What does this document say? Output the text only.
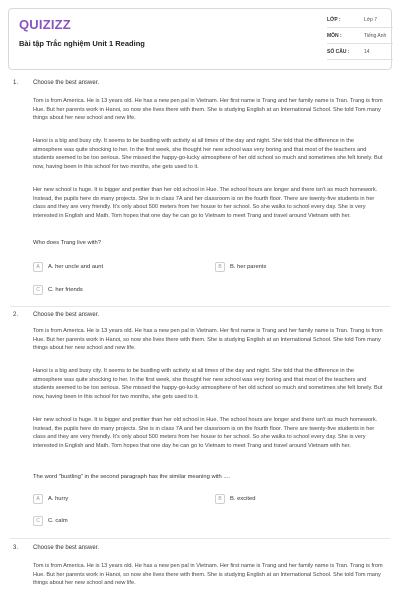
QUIZIZZ
Bài tập Trắc nghiệm Unit 1 Reading
LỚP :	Lớp 7
MÔN :	Tiếng Anh
SỐ CÂU :	14
1. Choose the best answer.
Tom is from America. He is 13 years old. He has a new pen pal in Vietnam. Her first name is Trang and her family name is Tran. Trang is from Hue. But her parents work in Hanoi, so now she lives there with them. She is studying English at an International School. She told Tom many things about her new school and new life.
Hanoi is a big and busy city. It seems to be bustling with activity at all times of the day and night. She told that the difference in the atmosphere was quite shocking to her. In the first week, she thought her new school was very boring and that most of the teachers and students seemed to be too serious. She missed the happy-go-lucky atmosphere of her old school so much and sometimes she felt lonely. But now, having been in this school for two months, she gets used to it.
Her new school is huge. It is bigger and prettier than her old school in Hue. The school hours are longer and there isn't as much homework. Instead, the pupils here do many projects. She is in class 7A and her classroom is on the fourth floor. There are twenty-five students in her class and they are very friendly. It's only about 500 meters from her house to her school. So she walks to school every day. She is very interested in English and Math. Tom hopes that one day he can go to Vietnam to meet Trang and travel around Vietnam with her.
Who does Trang live with?
A	A. her uncle and aunt	B	B. her parents
C	C. her friends
2. Choose the best answer.
Tom is from America. He is 13 years old. He has a new pen pal in Vietnam. Her first name is Trang and her family name is Tran. Trang is from Hue. But her parents work in Hanoi, so now she lives there with them. She is studying English at an International School. She told Tom many things about her new school and new life.
Hanoi is a big and busy city. It seems to be bustling with activity at all times of the day and night. She told that the difference in the atmosphere was quite shocking to her. In the first week, she thought her new school was very boring and that most of the teachers and students seemed to be too serious. She missed the happy-go-lucky atmosphere of her old school so much and sometimes she felt lonely. But now, having been in this school for two months, she gets used to it.
Her new school is huge. It is bigger and prettier than her old school in Hue. The school hours are longer and there isn't as much homework. Instead, the pupils here do many projects. She is in class 7A and her classroom is on the fourth floor. There are twenty-five students in her class and they are very friendly. It's only about 500 meters from her house to her school. So she walks to school every day. She is very interested in English and Math. Tom hopes that one day he can go to Vietnam to meet Trang and travel around Vietnam with her.
The word "bustling" in the second paragraph has the similar meaning with ....
A	A. hurry	B	B. excited
C	C. calm
3. Choose the best answer.
Tom is from America. He is 13 years old. He has a new pen pal in Vietnam. Her first name is Trang and her family name is Tran. Trang is from Hue. But her parents work in Hanoi, so now she lives there with them. She is studying English at an International School. She told Tom many things about her new school and new life.
